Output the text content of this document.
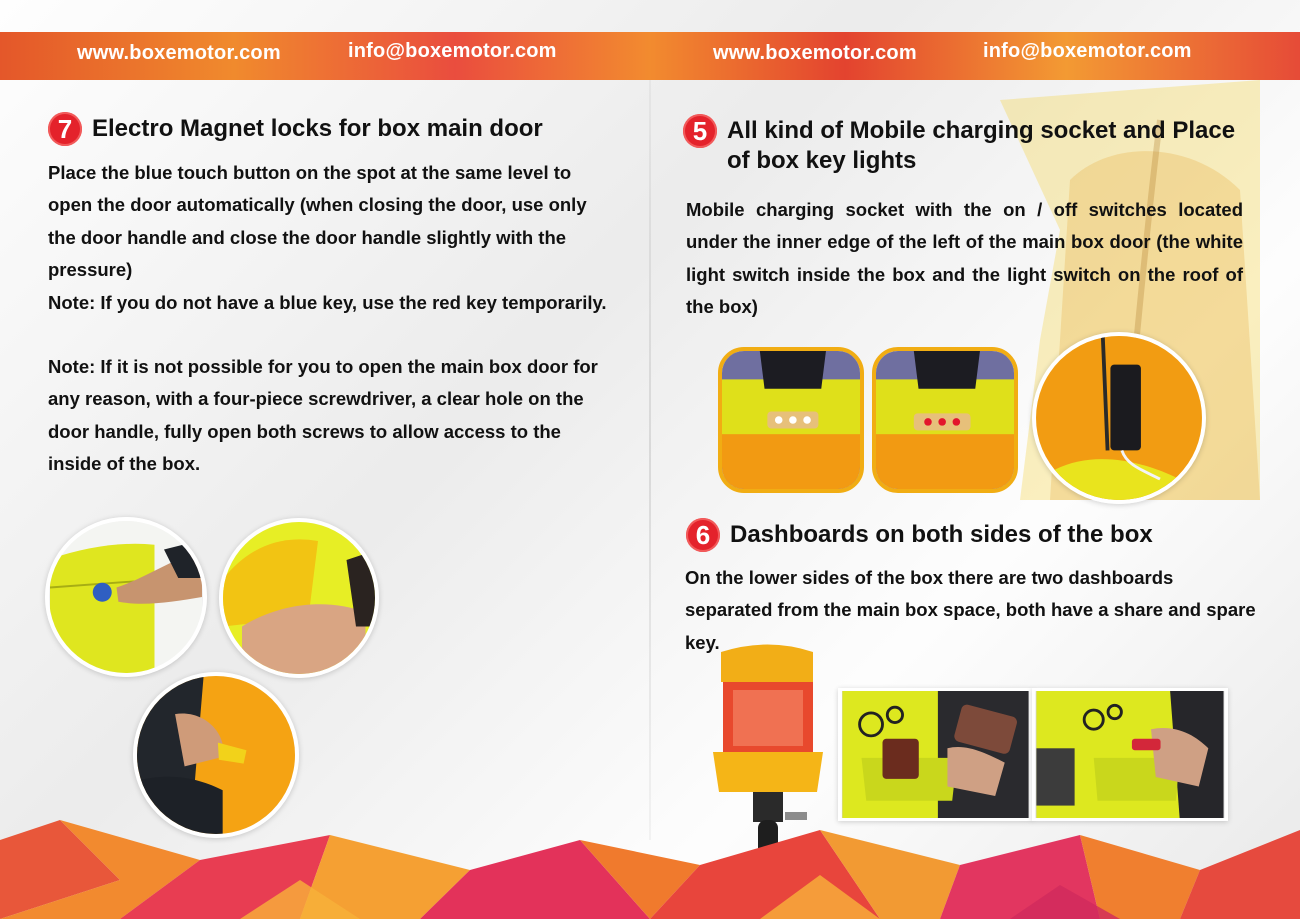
www.boxemotor.com	info@boxemotor.com	www.boxemotor.com	info@boxemotor.com
7 Electro Magnet locks for box main door

Place the blue touch button on the spot at the same level to open the door automatically (when closing the door, use only the door handle and close the door handle slightly with the pressure)

Note: If you do not have a blue key, use the red key temporarily.

Note: If it is not possible for you to open the main box door for any reason, with a four-piece screwdriver, a clear hole on the door handle, fully open both screws to allow access to the inside of the box.

5 All kind of Mobile charging socket and Place of box key lights
Mobile charging socket with the on / off switches located under the inner edge of the left of the main box door (the white light switch inside the box and the light switch on the roof of the box)
6 Dashboards on both sides of the box
On the lower sides of the box there are two dashboards separated from the main box space, both have a share and spare key.
